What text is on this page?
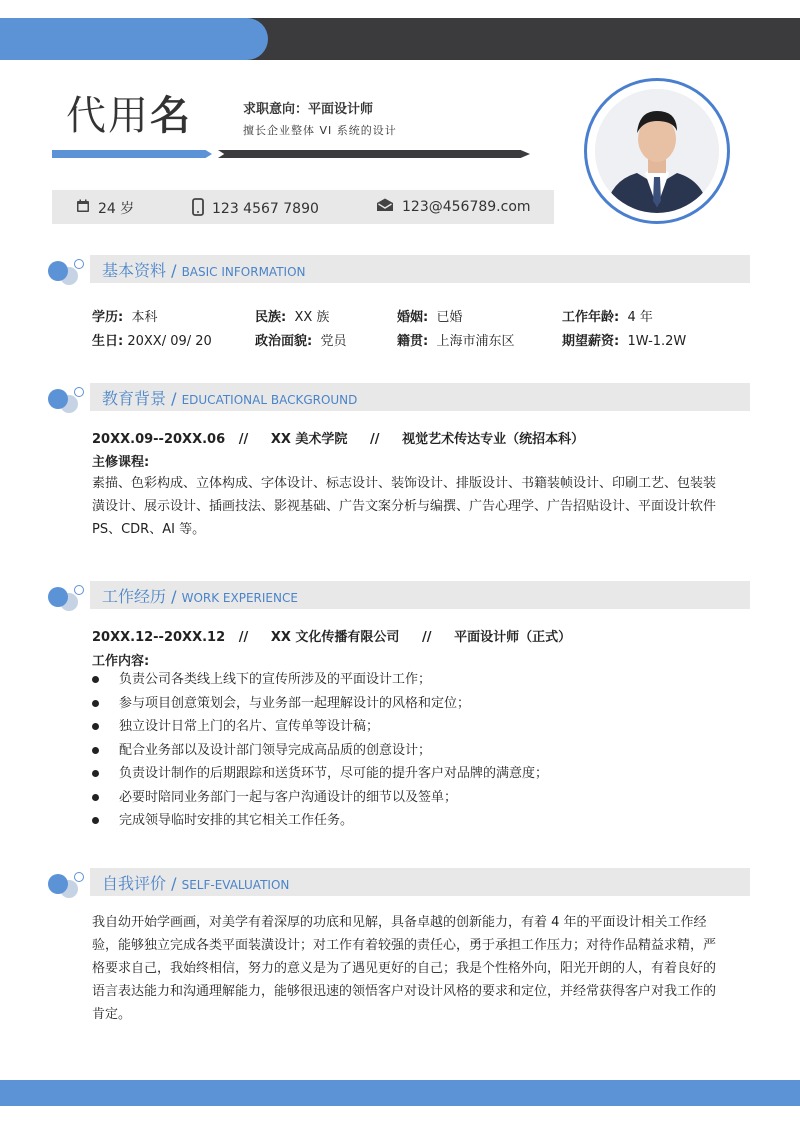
代用名	求职意向：平面设计师
擅长企业整体 VI 系统的设计
24 岁	123 4567 7890	123@456789.com
基本资料 / BASIC INFORMATION
学历: 本科	民族: XX 族	婚姻: 已婚	工作年龄: 4 年
生日: 20XX/ 09/ 20	政治面貌: 党员	籍贯: 上海市浦东区	期望薪资: 1W-1.2W
教育背景 / EDUCATIONAL BACKGROUND
20XX.09--20XX.06   //     XX 美术学院     //     视觉艺术传达专业（统招本科）
主修课程:
素描、色彩构成、立体构成、字体设计、标志设计、装饰设计、排版设计、书籍装帧设计、印刷工艺、包装装潢设计、展示设计、插画技法、影视基础、广告文案分析与编撰、广告心理学、广告招贴设计、平面设计软件 PS、CDR、AI 等。
工作经历 / WORK EXPERIENCE
20XX.12--20XX.12   //     XX 文化传播有限公司     //     平面设计师（正式）
工作内容:
负责公司各类线上线下的宣传所涉及的平面设计工作；
参与项目创意策划会，与业务部一起理解设计的风格和定位；
独立设计日常上门的名片、宣传单等设计稿；
配合业务部以及设计部门领导完成高品质的创意设计；
负责设计制作的后期跟踪和送货环节，尽可能的提升客户对品牌的满意度；
必要时陪同业务部门一起与客户沟通设计的细节以及签单；
完成领导临时安排的其它相关工作任务。
自我评价 / SELF-EVALUATION
我自幼开始学画画，对美学有着深厚的功底和见解，具备卓越的创新能力，有着 4 年的平面设计相关工作经验，能够独立完成各类平面装潢设计；对工作有着较强的责任心，勇于承担工作压力；对待作品精益求精，严格要求自己，我始终相信，努力的意义是为了遇见更好的自己；我是个性格外向，阳光开朗的人，有着良好的语言表达能力和沟通理解能力，能够很迅速的领悟客户对设计风格的要求和定位，并经常获得客户对我工作的肯定。
